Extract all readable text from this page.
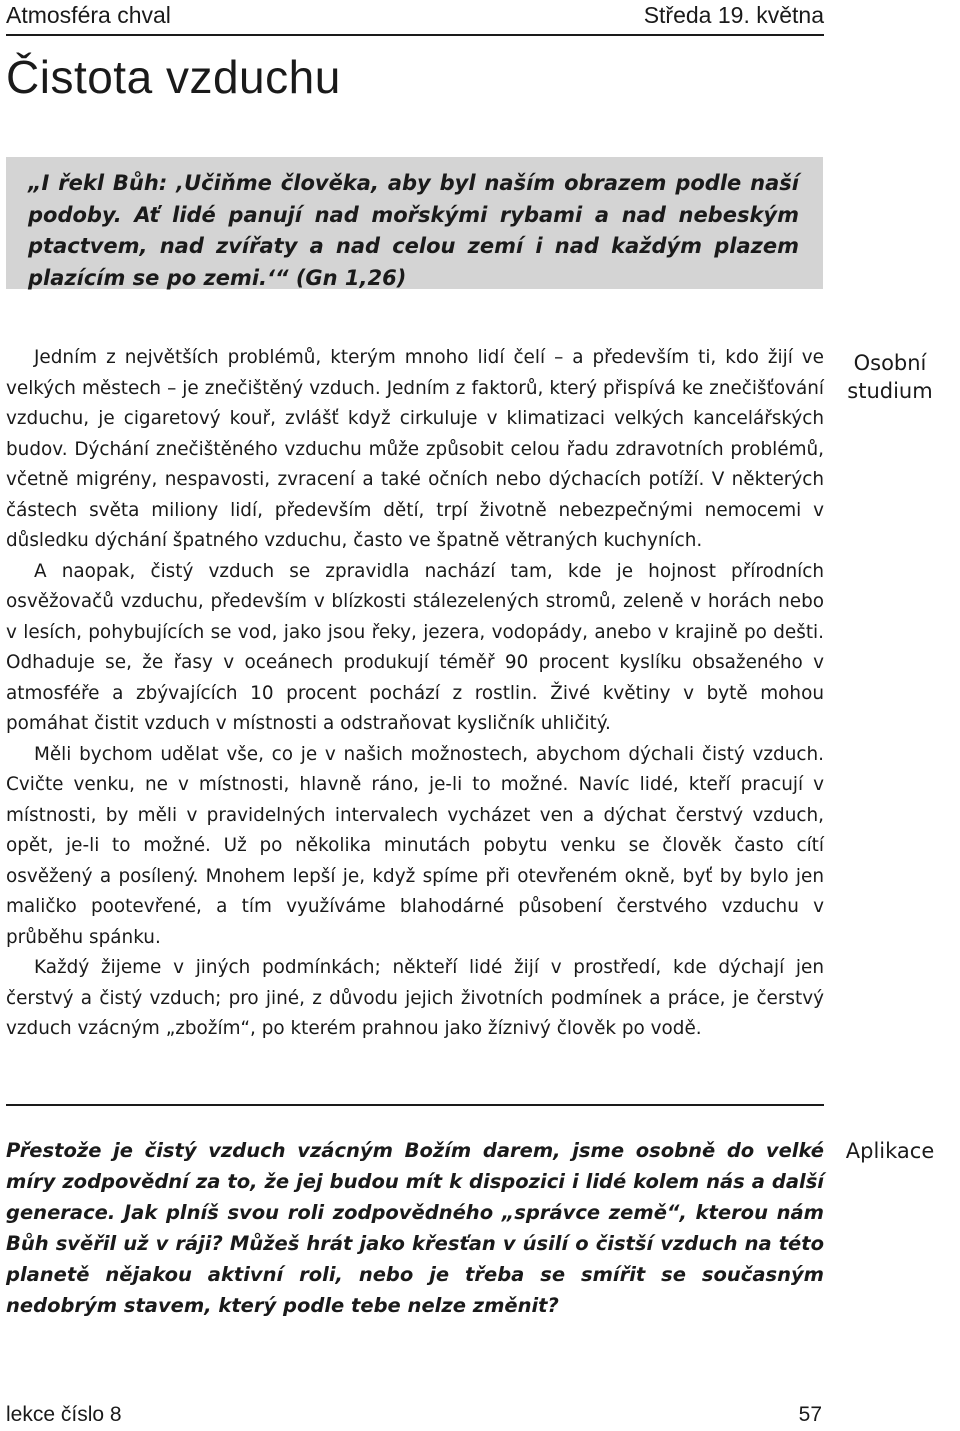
Atmosféra chval	Středa 19. května
Čistota vzduchu

„I řekl Bůh: ‚Učiňme člověka, aby byl naším obrazem podle naší podoby. Ať lidé panují nad mořskými rybami a nad nebeským ptactvem, nad zvířaty a nad celou zemí i nad každým plazem plazícím se po zemi.‘“ (Gn 1,26)

Osobní studium

Jedním z největších problémů, kterým mnoho lidí čelí – a především ti, kdo žijí ve velkých městech – je znečištěný vzduch. Jedním z faktorů, který přispívá ke znečišťování vzduchu, je cigaretový kouř, zvlášť když cirkuluje v klimatizaci velkých kancelářských budov. Dýchání znečištěného vzduchu může způsobit celou řadu zdravotních problémů, včetně migrény, nespavosti, zvracení a také očních nebo dýchacích potíží. V některých částech světa miliony lidí, především dětí, trpí životně nebezpečnými nemocemi v důsledku dýchání špatného vzduchu, často ve špatně větraných kuchyních.

A naopak, čistý vzduch se zpravidla nachází tam, kde je hojnost přírodních osvěžovačů vzduchu, především v blízkosti stálezelených stromů, zeleně v horách nebo v lesích, pohybujících se vod, jako jsou řeky, jezera, vodopády, anebo v krajině po dešti. Odhaduje se, že řasy v oceánech produkují téměř 90 procent kyslíku obsaženého v atmosféře a zbývajících 10 procent pochází z rostlin. Živé květiny v bytě mohou pomáhat čistit vzduch v místnosti a odstraňovat kysličník uhličitý.

Měli bychom udělat vše, co je v našich možnostech, abychom dýchali čistý vzduch. Cvičte venku, ne v místnosti, hlavně ráno, je-li to možné. Navíc lidé, kteří pracují v místnosti, by měli v pravidelných intervalech vycházet ven a dýchat čerstvý vzduch, opět, je-li to možné. Už po několika minutách pobytu venku se člověk často cítí osvěžený a posílený. Mnohem lepší je, když spíme při otevřeném okně, byť by bylo jen maličko pootevřené, a tím využíváme blahodárné působení čerstvého vzduchu v průběhu spánku.

Každý žijeme v jiných podmínkách; někteří lidé žijí v prostředí, kde dýchají jen čerstvý a čistý vzduch; pro jiné, z důvodu jejich životních podmínek a práce, je čerstvý vzduch vzácným „zbožím“, po kterém prahnou jako žíznivý člověk po vodě.

Přestože je čistý vzduch vzácným Božím darem, jsme osobně do velké míry zodpovědní za to, že jej budou mít k dispozici i lidé kolem nás a další generace. Jak plníš svou roli zodpovědného „správce země“, kterou nám Bůh svěřil už v ráji? Můžeš hrát jako křesťan v úsilí o čistší vzduch na této planetě nějakou aktivní roli, nebo je třeba se smířit se současným nedobrým stavem, který podle tebe nelze změnit?

Aplikace
lekce číslo 8	57
